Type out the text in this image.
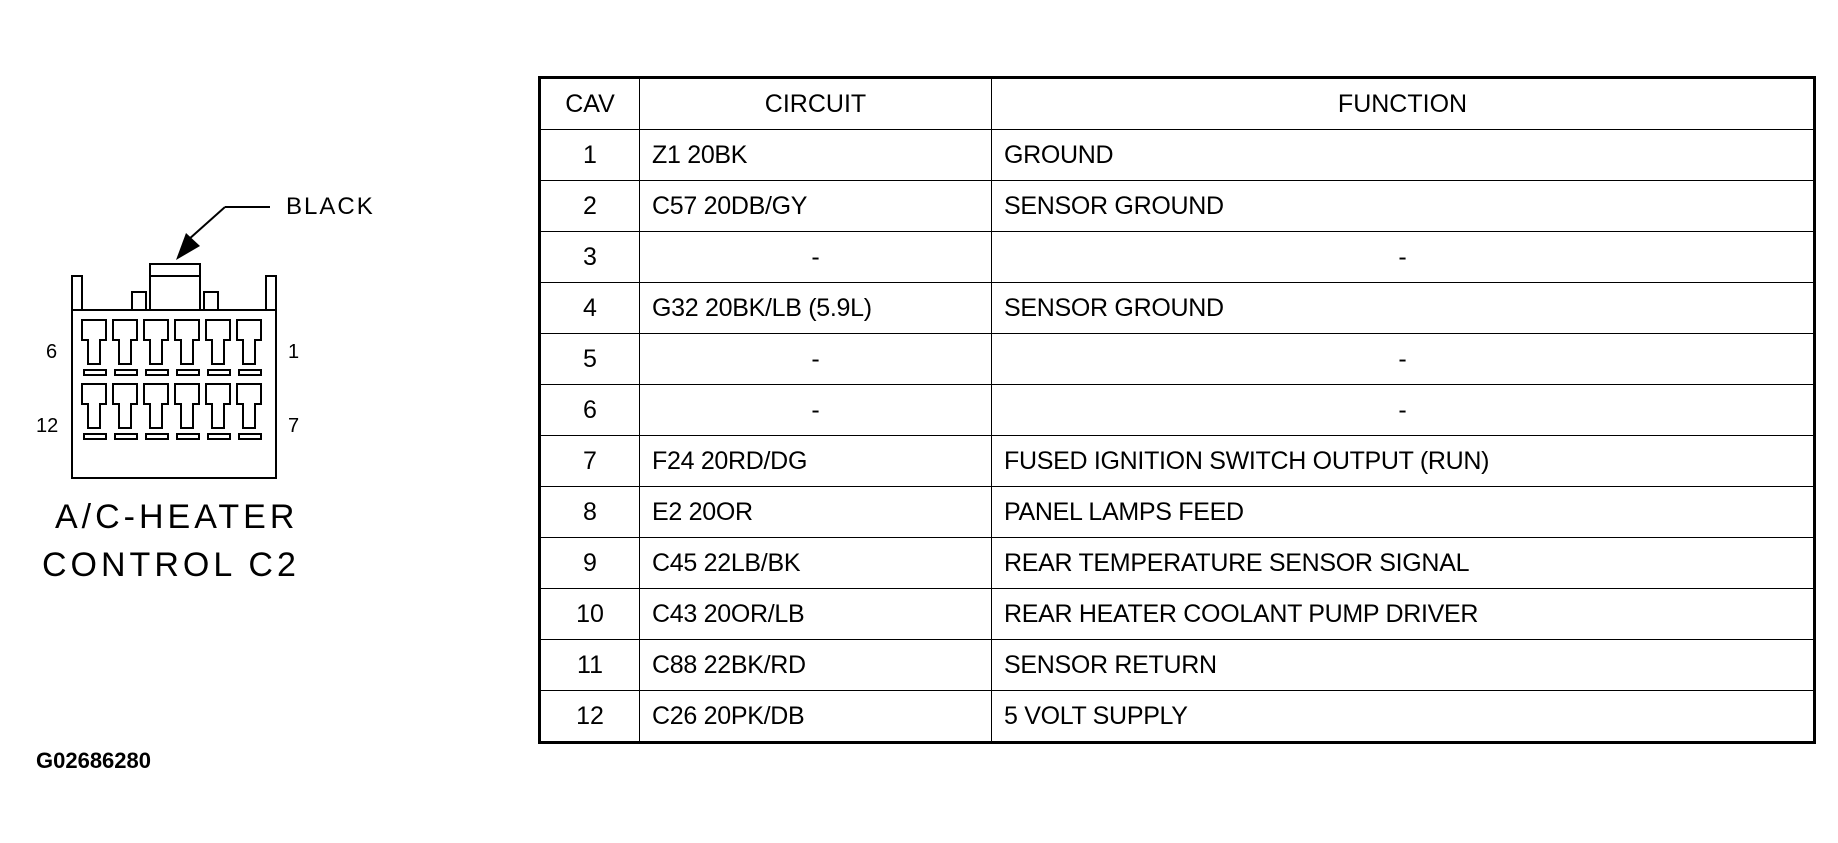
BLACK
6	1
12	7
A/C-HEATER
CONTROL C2
CAV	CIRCUIT	FUNCTION
1	Z1 20BK	GROUND
2	C57 20DB/GY	SENSOR GROUND
3	-	-
4	G32 20BK/LB (5.9L)	SENSOR GROUND
5	-	-
6	-	-
7	F24 20RD/DG	FUSED IGNITION SWITCH OUTPUT (RUN)
8	E2 20OR	PANEL LAMPS FEED
9	C45 22LB/BK	REAR TEMPERATURE SENSOR SIGNAL
10	C43 20OR/LB	REAR HEATER COOLANT PUMP DRIVER
11	C88 22BK/RD	SENSOR RETURN
12	C26 20PK/DB	5 VOLT SUPPLY
G02686280
